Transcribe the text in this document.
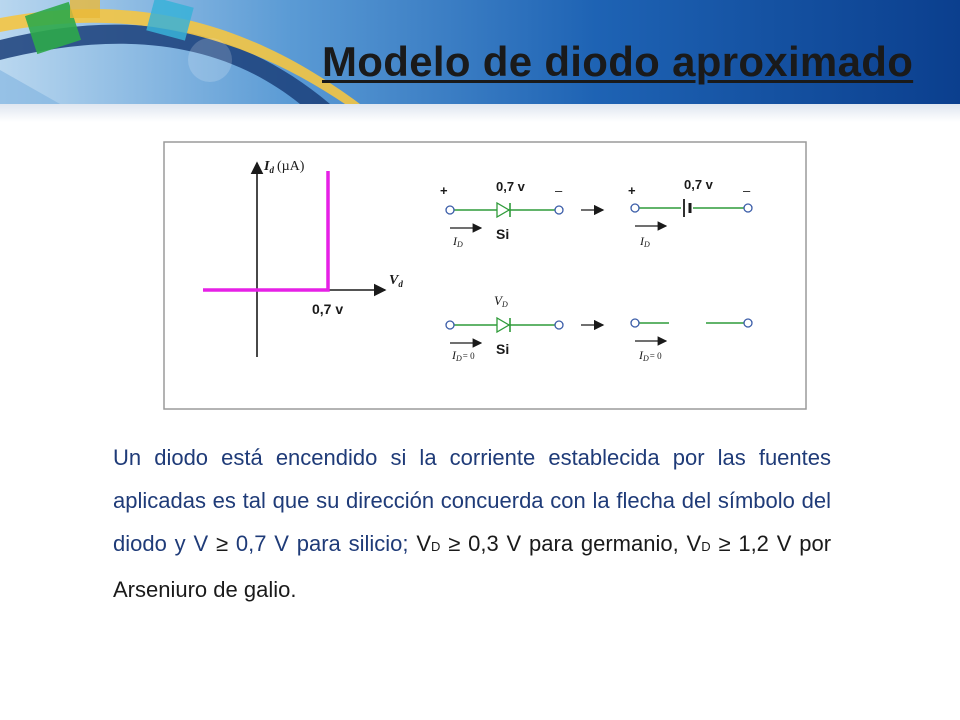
Modelo de diodo aproximado
$I_d$ (µA)
$V_d$
0,7 v
+	0,7 v –
ID
Si
+	0,7 v –
ID
VD
ID= 0 Si	ID= 0

Un diodo está encendido si la corriente establecida por las fuentes aplicadas es tal que su dirección concuerda con la flecha del símbolo del diodo y V ≥ 0,7 V para silicio; VD ≥ 0,3 V para germanio, VD ≥ 1,2 V por Arseniuro de galio.
